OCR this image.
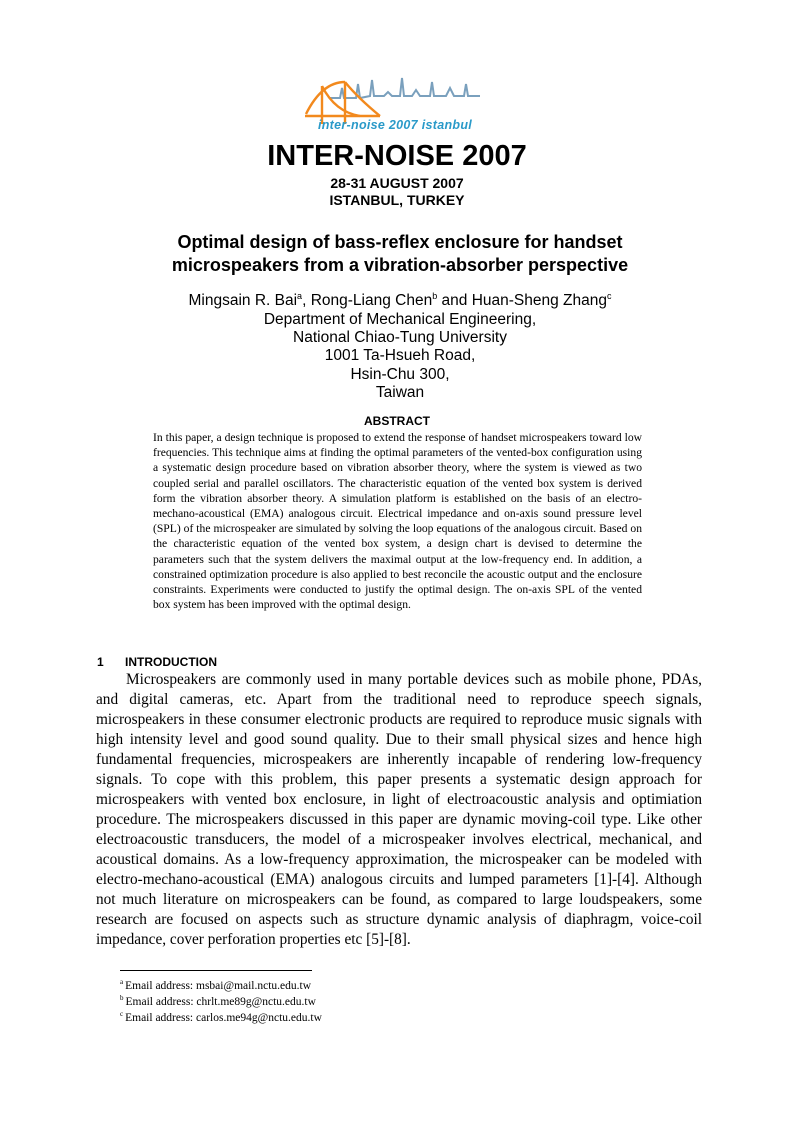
inter-noise 2007 istanbul
INTER-NOISE 2007
28-31 AUGUST 2007
ISTANBUL, TURKEY
Optimal design of bass-reflex enclosure for handset
microspeakers from a vibration-absorber perspective
Mingsain R. Bai$^a$, Rong-Liang Chen$^b$ and Huan-Sheng Zhang$^c$
Department of Mechanical Engineering,
National Chiao-Tung University
1001 Ta-Hsueh Road,
Hsin-Chu 300,
Taiwan
ABSTRACT
In this paper, a design technique is proposed to extend the response of handset microspeakers toward low frequencies. This technique aims at finding the optimal parameters of the vented-box configuration using a systematic design procedure based on vibration absorber theory, where the system is viewed as two coupled serial and parallel oscillators. The characteristic equation of the vented box system is derived form the vibration absorber theory. A simulation platform is established on the basis of an electro-mechano-acoustical (EMA) analogous circuit. Electrical impedance and on-axis sound pressure level (SPL) of the microspeaker are simulated by solving the loop equations of the analogous circuit. Based on the characteristic equation of the vented box system, a design chart is devised to determine the parameters such that the system delivers the maximal output at the low-frequency end. In addition, a constrained optimization procedure is also applied to best reconcile the acoustic output and the enclosure constraints. Experiments were conducted to justify the optimal design. The on-axis SPL of the vented box system has been improved with the optimal design.
1 INTRODUCTION
Microspeakers are commonly used in many portable devices such as mobile phone, PDAs, and digital cameras, etc. Apart from the traditional need to reproduce speech signals, microspeakers in these consumer electronic products are required to reproduce music signals with high intensity level and good sound quality. Due to their small physical sizes and hence high fundamental frequencies, microspeakers are inherently incapable of rendering low-frequency signals. To cope with this problem, this paper presents a systematic design approach for microspeakers with vented box enclosure, in light of electroacoustic analysis and optimiation procedure. The microspeakers discussed in this paper are dynamic moving-coil type. Like other electroacoustic transducers, the model of a microspeaker involves electrical, mechanical, and acoustical domains. As a low-frequency approximation, the microspeaker can be modeled with electro-mechano-acoustical (EMA) analogous circuits and lumped parameters [1]-[4]. Although not much literature on microspeakers can be found, as compared to large loudspeakers, some research are focused on aspects such as structure dynamic analysis of diaphragm, voice-coil impedance, cover perforation properties etc [5]-[8].
$^a$ Email address: msbai@mail.nctu.edu.tw
$^b$ Email address: chrlt.me89g@nctu.edu.tw
$^c$ Email address: carlos.me94g@nctu.edu.tw
